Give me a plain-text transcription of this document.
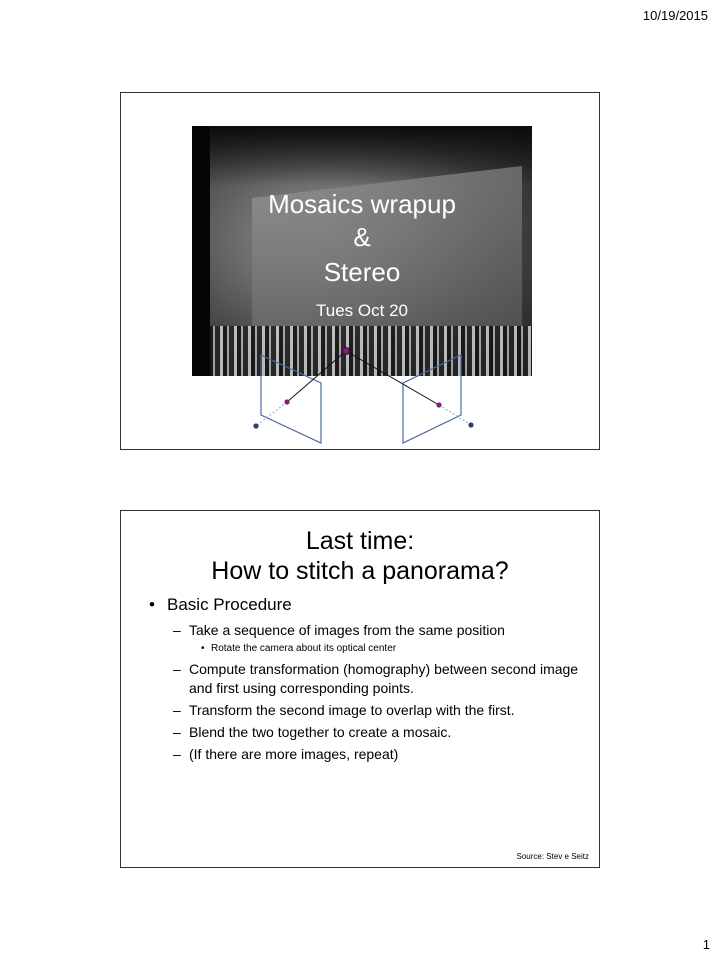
10/19/2015
Mosaics wrapup
&
Stereo
Tues Oct 20
Last time:
How to stitch a panorama?
• Basic Procedure
– Take a sequence of images from the same position
• Rotate the camera about its optical center
– Compute transformation (homography) between second image and first using corresponding points.
– Transform the second image to overlap with the first.
– Blend the two together to create a mosaic.
– (If there are more images, repeat)
Source: Stev e Seitz
1
